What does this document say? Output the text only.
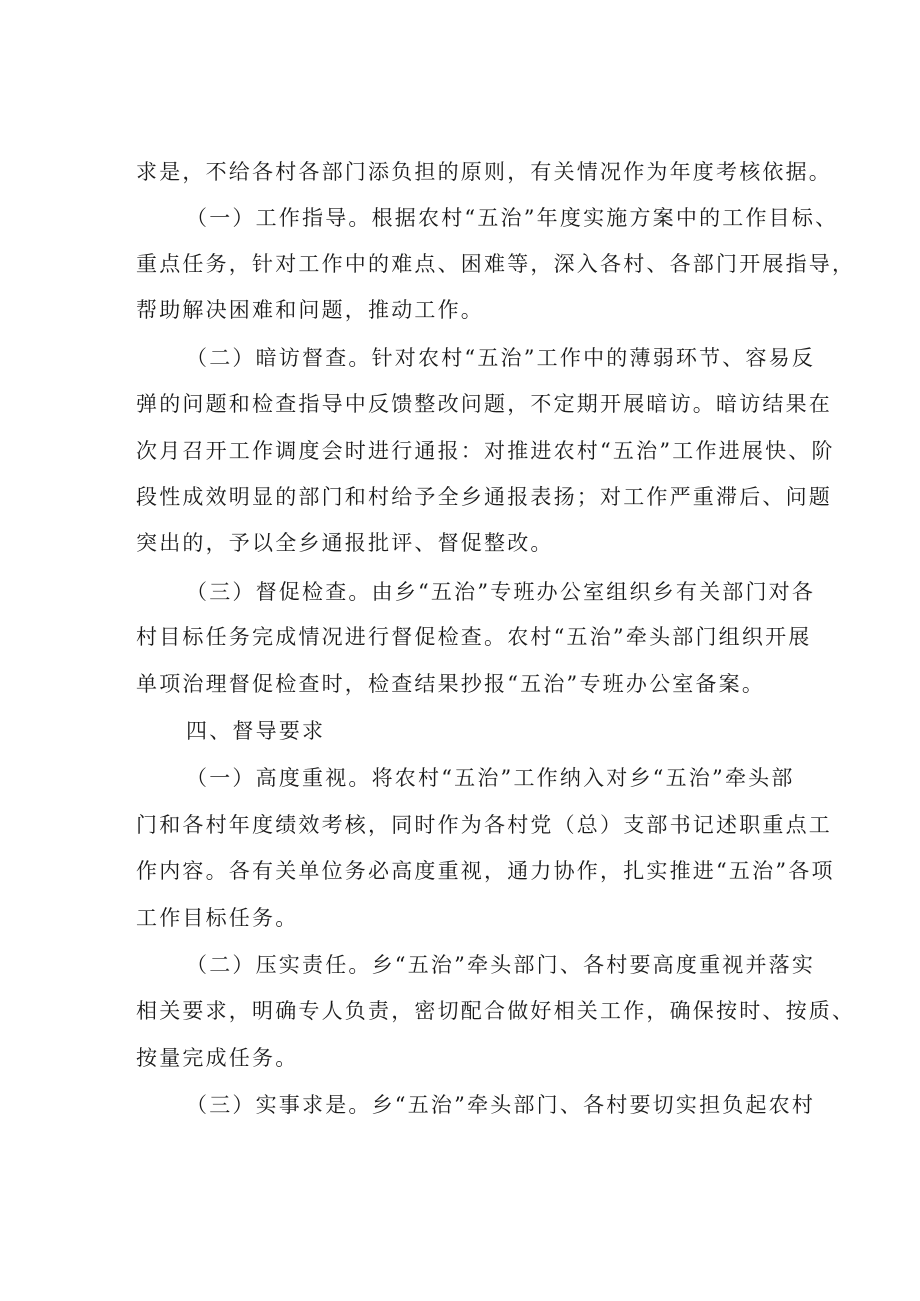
求是，不给各村各部门添负担的原则，有关情况作为年度考核依据。
（一）工作指导。根据农村“五治”年度实施方案中的工作目标、
重点任务，针对工作中的难点、困难等，深入各村、各部门开展指导，
帮助解决困难和问题，推动工作。
（二）暗访督查。针对农村“五治”工作中的薄弱环节、容易反
弹的问题和检查指导中反馈整改问题，不定期开展暗访。暗访结果在
次月召开工作调度会时进行通报：对推进农村“五治”工作进展快、阶
段性成效明显的部门和村给予全乡通报表扬；对工作严重滞后、问题
突出的，予以全乡通报批评、督促整改。
（三）督促检查。由乡“五治”专班办公室组织乡有关部门对各
村目标任务完成情况进行督促检查。农村“五治”牵头部门组织开展
单项治理督促检查时，检查结果抄报“五治”专班办公室备案。
四、督导要求
（一）高度重视。将农村“五治”工作纳入对乡“五治”牵头部
门和各村年度绩效考核，同时作为各村党（总）支部书记述职重点工
作内容。各有关单位务必高度重视，通力协作，扎实推进“五治”各项
工作目标任务。
（二）压实责任。乡“五治”牵头部门、各村要高度重视并落实
相关要求，明确专人负责，密切配合做好相关工作，确保按时、按质、
按量完成任务。
（三）实事求是。乡“五治”牵头部门、各村要切实担负起农村
